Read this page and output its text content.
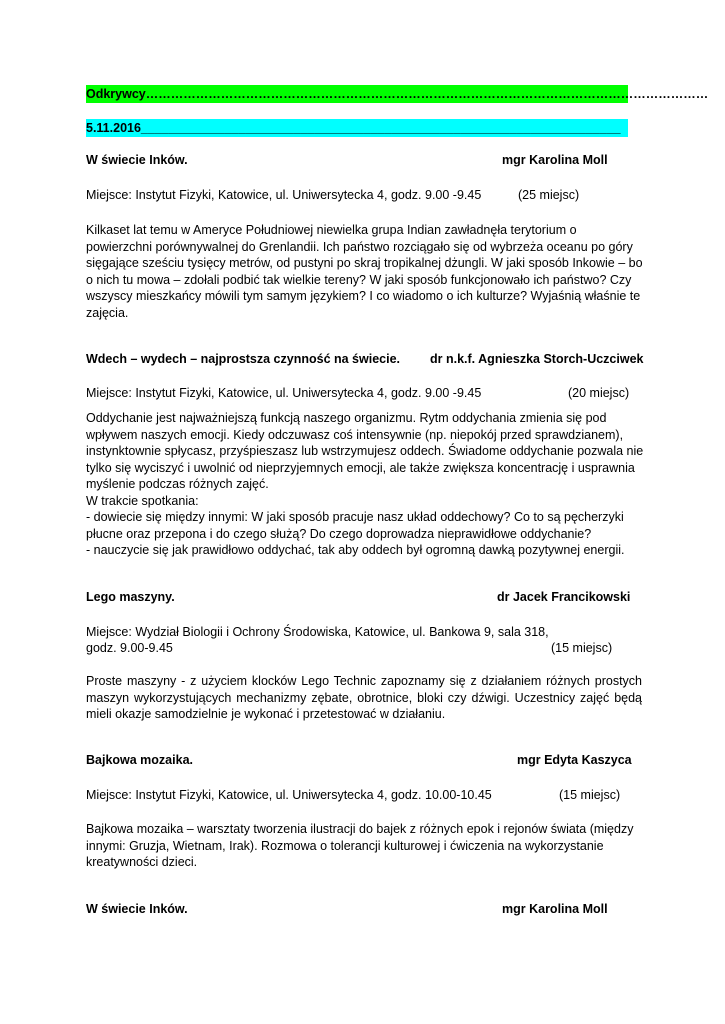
Odkrywcy………………………………………………………………………………………………………………………
5.11.2016_____________________________________________________________________
W świecie Inków.	mgr Karolina Moll
Miejsce: Instytut Fizyki, Katowice, ul. Uniwersytecka 4, godz. 9.00 -9.45	(25 miejsc)
Kilkaset lat temu w Ameryce Południowej niewielka grupa Indian zawładnęła terytorium o
powierzchni porównywalnej do Grenlandii. Ich państwo rozciągało się od wybrzeża oceanu po góry
sięgające sześciu tysięcy metrów, od pustyni po skraj tropikalnej dżungli. W jaki sposób Inkowie – bo
o nich tu mowa – zdołali podbić tak wielkie tereny? W jaki sposób funkcjonowało ich państwo? Czy
wszyscy mieszkańcy mówili tym samym językiem? I co wiadomo o ich kulturze? Wyjaśnią właśnie te
zajęcia.
Wdech – wydech – najprostsza czynność na świecie. dr n.k.f. Agnieszka Storch-Uczciwek
Miejsce: Instytut Fizyki, Katowice, ul. Uniwersytecka 4, godz. 9.00 -9.45	(20 miejsc)
Oddychanie jest najważniejszą funkcją naszego organizmu. Rytm oddychania zmienia się pod
wpływem naszych emocji. Kiedy odczuwasz coś intensywnie (np. niepokój przed sprawdzianem),
instynktownie spłycasz, przyśpieszasz lub wstrzymujesz oddech. Świadome oddychanie pozwala nie
tylko się wyciszyć i uwolnić od nieprzyjemnych emocji, ale także zwiększa koncentrację i usprawnia
myślenie podczas różnych zajęć.
W trakcie spotkania:
- dowiecie się między innymi: W jaki sposób pracuje nasz układ oddechowy? Co to są pęcherzyki
płucne oraz przepona i do czego służą? Do czego doprowadza nieprawidłowe oddychanie?
- nauczycie się jak prawidłowo oddychać, tak aby oddech był ogromną dawką pozytywnej energii.
Lego maszyny.	dr Jacek Francikowski
Miejsce: Wydział Biologii i Ochrony Środowiska, Katowice, ul. Bankowa 9, sala 318,
godz. 9.00-9.45	(15 miejsc)
Proste maszyny - z użyciem klocków Lego Technic zapoznamy się z działaniem różnych prostych
maszyn wykorzystujących mechanizmy zębate, obrotnice, bloki czy dźwigi. Uczestnicy zajęć będą
mieli okazje samodzielnie je wykonać i przetestować w działaniu.
Bajkowa mozaika.	mgr Edyta Kaszyca
Miejsce: Instytut Fizyki, Katowice, ul. Uniwersytecka 4, godz. 10.00-10.45	(15 miejsc)
Bajkowa mozaika – warsztaty tworzenia ilustracji do bajek z różnych epok i rejonów świata (między
innymi: Gruzja, Wietnam, Irak). Rozmowa o tolerancji kulturowej i ćwiczenia na wykorzystanie
kreatywności dzieci.
W świecie Inków.	mgr Karolina Moll
